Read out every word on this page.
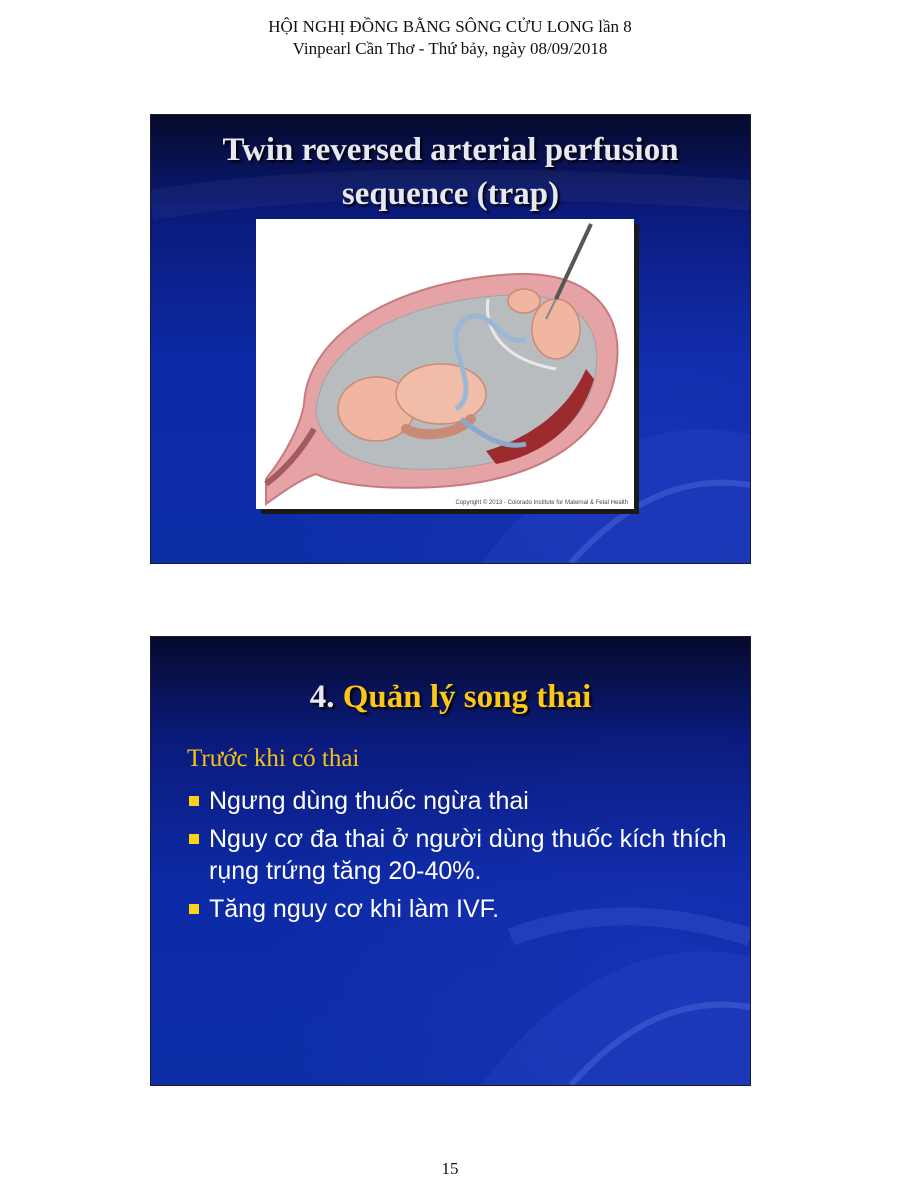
HỘI NGHỊ ĐỒNG BẰNG SÔNG CỬU LONG lần 8
Vinpearl Cần Thơ - Thứ bảy, ngày 08/09/2018
Twin reversed arterial perfusion
sequence (trap)
Copyright © 2013 - Colorado Institute for Maternal & Fetal Health
4. Quản lý song thai
Trước khi có thai
Ngưng dùng thuốc ngừa thai
Nguy cơ đa thai ở người dùng thuốc kích thích rụng trứng tăng 20-40%.
Tăng nguy cơ khi làm IVF.
15
